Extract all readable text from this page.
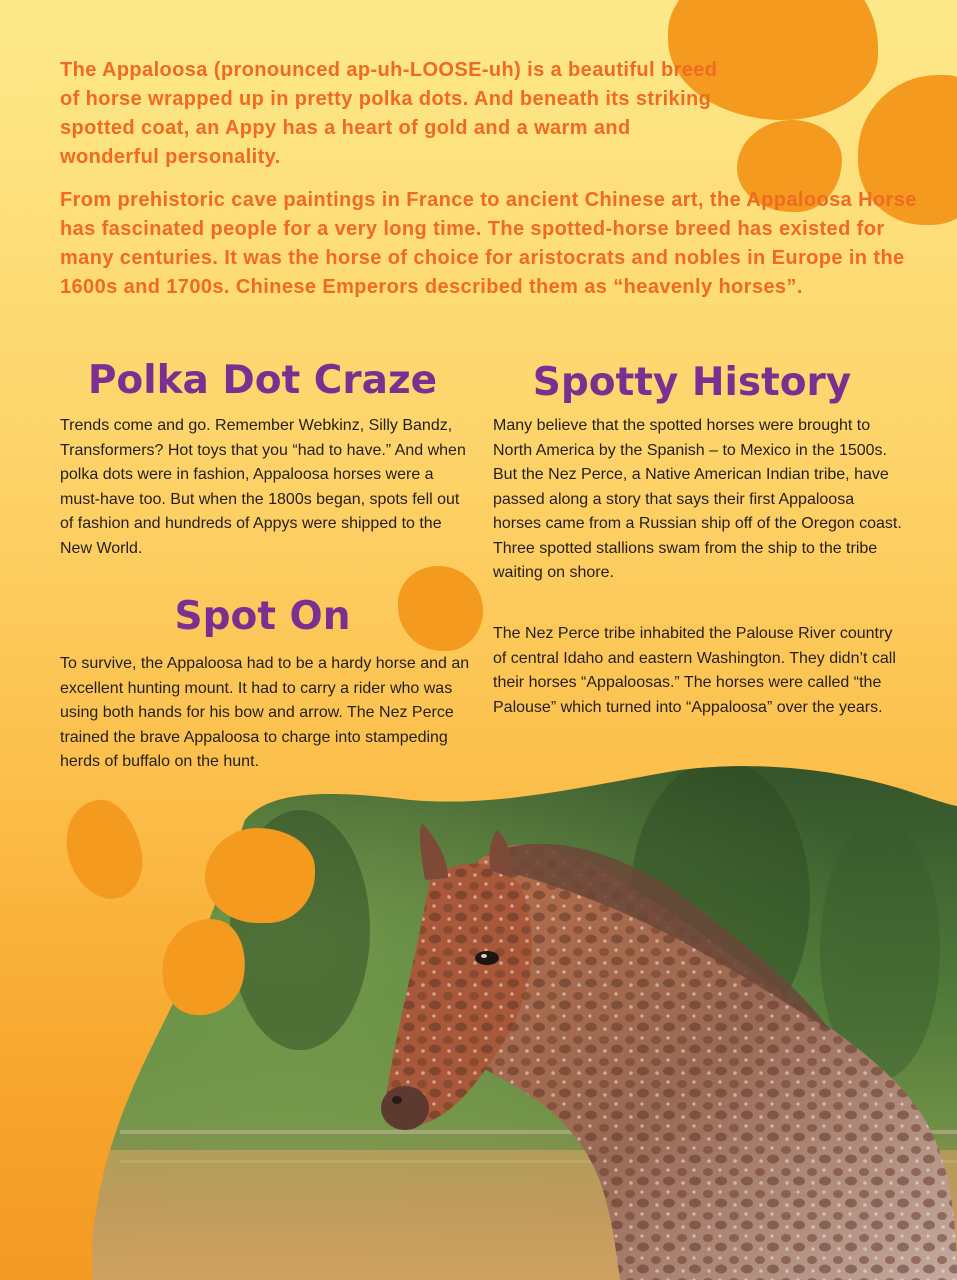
The Appaloosa (pronounced ap-uh-LOOSE-uh) is a beautiful breed of horse wrapped up in pretty polka dots. And beneath its striking spotted coat, an Appy has a heart of gold and a warm and wonderful personality.

From prehistoric cave paintings in France to ancient Chinese art, the Appaloosa Horse has fascinated people for a very long time. The spotted-horse breed has existed for many centuries. It was the horse of choice for aristocrats and nobles in Europe in the 1600s and 1700s. Chinese Emperors described them as “heavenly horses”.

Polka Dot Craze

Trends come and go. Remember Webkinz, Silly Bandz, Transformers? Hot toys that you “had to have.” And when polka dots were in fashion, Appaloosa horses were a must-have too. But when the 1800s began, spots fell out of fashion and hundreds of Appys were shipped to the New World.

Spot On

To survive, the Appaloosa had to be a hardy horse and an excellent hunting mount. It had to carry a rider who was using both hands for his bow and arrow. The Nez Perce trained the brave Appaloosa to charge into stampeding herds of buffalo on the hunt.

Spotty History

Many believe that the spotted horses were brought to North America by the Spanish – to Mexico in the 1500s. But the Nez Perce, a Native American Indian tribe, have passed along a story that says their first Appaloosa horses came from a Russian ship off of the Oregon coast. Three spotted stallions swam from the ship to the tribe waiting on shore.

The Nez Perce tribe inhabited the Palouse River country of central Idaho and eastern Washington. They didn’t call their horses “Appaloosas.” The horses were called “the Palouse” which turned into “Appaloosa” over the years.
